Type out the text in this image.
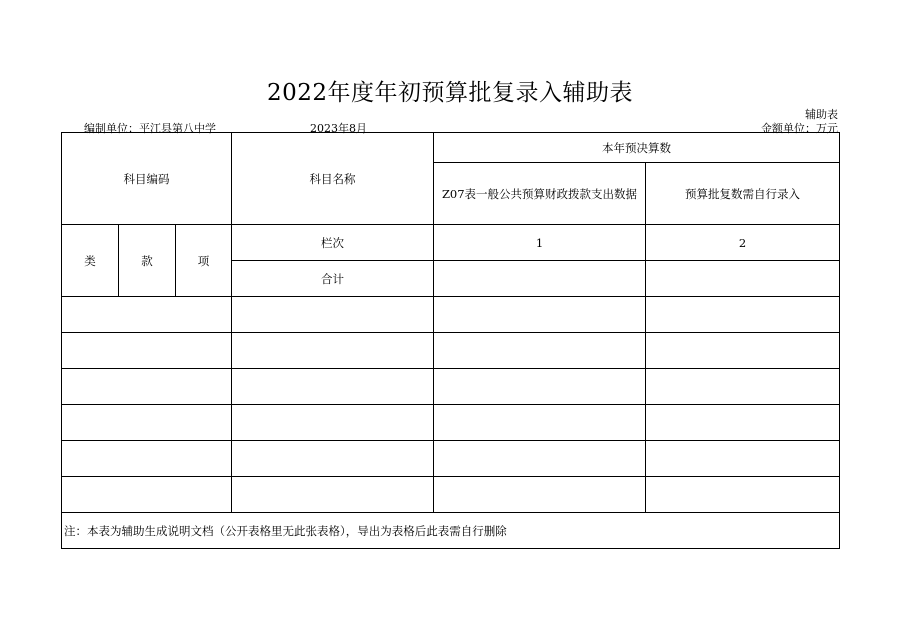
2022年度年初预算批复录入辅助表
辅助表
编制单位：平江县第八中学	2023年8月	金额单位：万元
科目编码			科目名称	本年预决算数	
				Z07表一般公共预算财政拨款支出数据	预算批复数需自行录入
类	款	项	栏次	1	2
			合计		

注：本表为辅助生成说明文档（公开表格里无此张表格），导出为表格后此表需自行删除					
